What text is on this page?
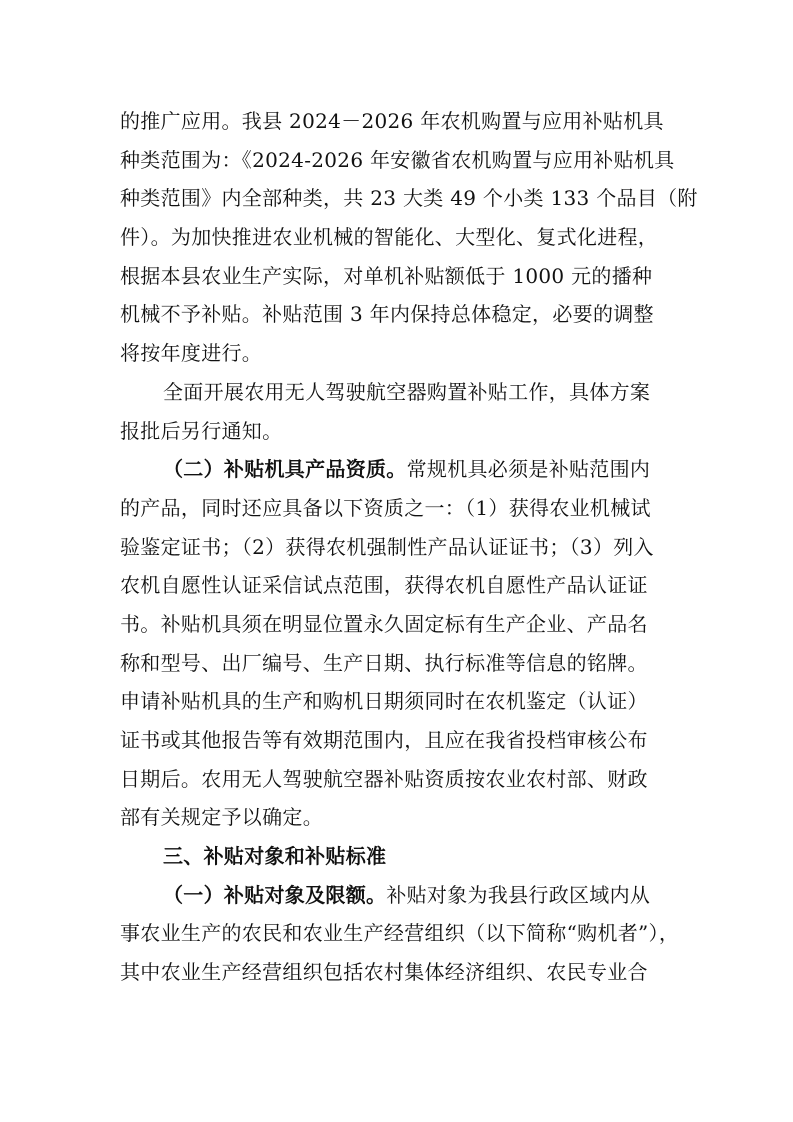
的推广应用。我县 2024－2026 年农机购置与应用补贴机具
种类范围为：《2024-2026 年安徽省农机购置与应用补贴机具
种类范围》内全部种类，共 23 大类 49 个小类 133 个品目（附
件）。为加快推进农业机械的智能化、大型化、复式化进程，
根据本县农业生产实际，对单机补贴额低于 1000 元的播种
机械不予补贴。补贴范围 3 年内保持总体稳定，必要的调整
将按年度进行。
全面开展农用无人驾驶航空器购置补贴工作，具体方案
报批后另行通知。
（二）补贴机具产品资质。常规机具必须是补贴范围内
的产品，同时还应具备以下资质之一：（1）获得农业机械试
验鉴定证书；（2）获得农机强制性产品认证证书；（3）列入
农机自愿性认证采信试点范围，获得农机自愿性产品认证证
书。补贴机具须在明显位置永久固定标有生产企业、产品名
称和型号、出厂编号、生产日期、执行标准等信息的铭牌。
申请补贴机具的生产和购机日期须同时在农机鉴定（认证）
证书或其他报告等有效期范围内，且应在我省投档审核公布
日期后。农用无人驾驶航空器补贴资质按农业农村部、财政
部有关规定予以确定。
三、补贴对象和补贴标准
（一）补贴对象及限额。补贴对象为我县行政区域内从
事农业生产的农民和农业生产经营组织（以下简称“购机者”），
其中农业生产经营组织包括农村集体经济组织、农民专业合
